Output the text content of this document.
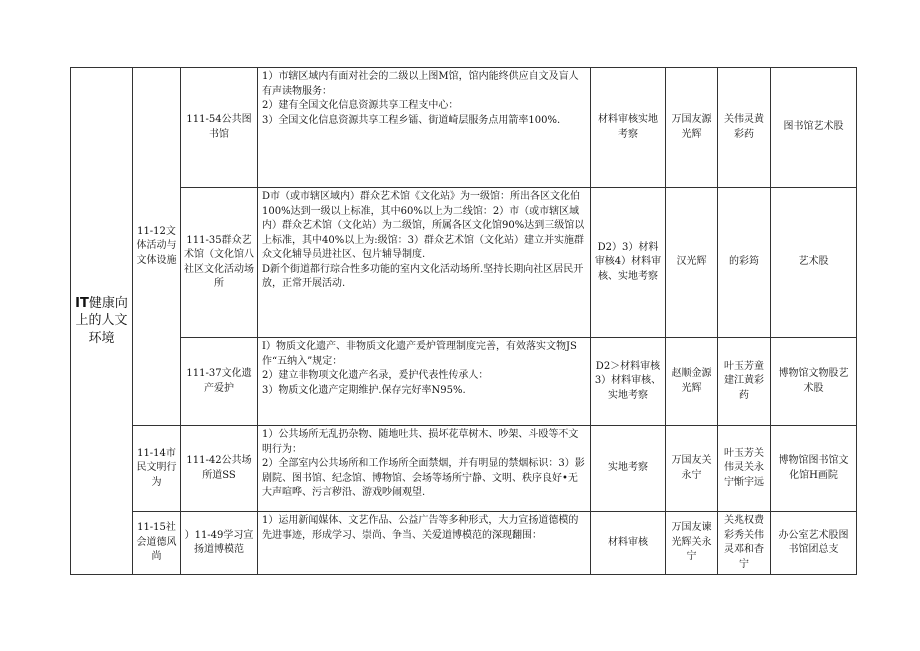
IT健康向上的人文环境	11-12文体活动与文体设施	111-54公共图书馆	1）市辖区域内有面对社会的二级以上图M馆，馆内能终供应自文及盲人有声读物服务：
2）建有全国文化信息资源共享工程支中心：
3）全国文化信息资源共享工程乡镭、街道崎层服务点用箭率100%.	材料审核实地考察	万国友源光辉	关伟灵黄彩药	图书馆艺术股
		111-35群众艺术馆（文化馆八社区文化活动场所	D市（或市辖区域内）群众艺术馆《文化站》为一级馆：所出各区文化伯100%达到一级以上标准，其中60%以上为二线馆：2）市（或市辖区域内）群众艺术馆（文化站）为二级馆，所属各区文化馆90%达到三级馆以上标准，其中40%以上为:级馆：3）群众艺术馆（文化站）建立并实施群众文化辅导员进社区、包片辅导制度.
D新个街道都行琮合性多功能的室内文化活动场所.坚持长期向社区居民开放，正常开展活动.	D2）3）材料审核4）材料审核、实地考察	汉光辉	的彩筠	艺术股
		111-37文化遗产爱护	I）物质文化遗产、非物质文化遗产爰炉管理制度完善，有效落实文物JS作“五纳入”规定：
2）建立非物项文化遗产名录，爰护代表性传承人：
3）物质文化遗产定期维护.保存完好率N95%.	D2＞材料审核3）材料审核、实地考察	赵顺金源光辉	叶玉芳童建江黄彩药	博物馆文物股艺术股
	11-14市民文明行为	111-42公共场所道SS	1）公共场所无乱扔杂物、随地吐共、损坏花草树木、吵架、斗殴等不文明行为：
2）全部室内公共场所和工作场所全面禁烟，并有明显的禁烟标识：3）影剧院、图书馆、纪念馆、博物馆、会场等场所宁静、文明、秩序良好•无大声喧哗、污言秽沿、游戏吵闹观望.	实地考察	万国友关永宁	叶玉芳关伟灵关永宁惭宇远	博物馆图书馆文化馆H画院
	11-15社会道德风尚	）11-49学习宣扬道博模范	1）运用新闻媒体、文艺作品、公益广告等多种形式，大力宣扬道德模的先进事迹，形成学习、崇尚、争当、关爱道博模范的深现翻围：	材料审核	万国友谏光辉关永宁	关兆权费彩秀关伟灵邓和杳宁	办公室艺术股图书馆团总支
